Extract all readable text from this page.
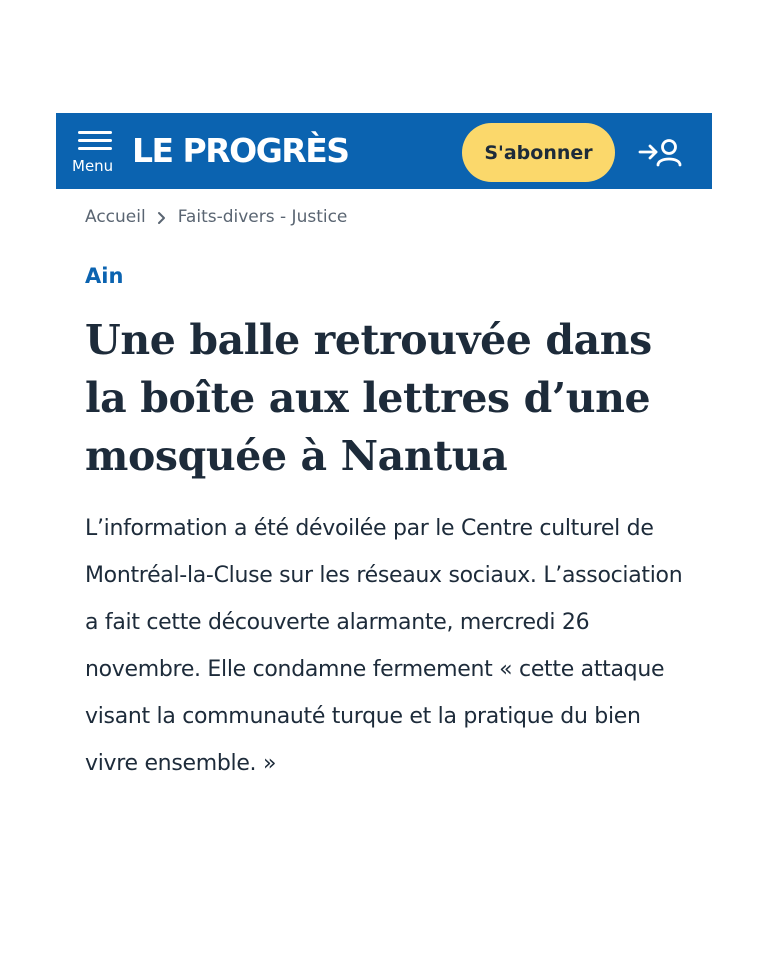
Menu LE PROGRÈS	S'abonner
Accueil Faits-divers - Justice
Ain
Une balle retrouvée dans la boîte aux lettres d’une mosquée à Nantua

L’information a été dévoilée par le Centre culturel de Montréal-la-Cluse sur les réseaux sociaux. L’association a fait cette découverte alarmante, mercredi 26 novembre. Elle condamne fermement « cette attaque visant la communauté turque et la pratique du bien vivre ensemble. »
